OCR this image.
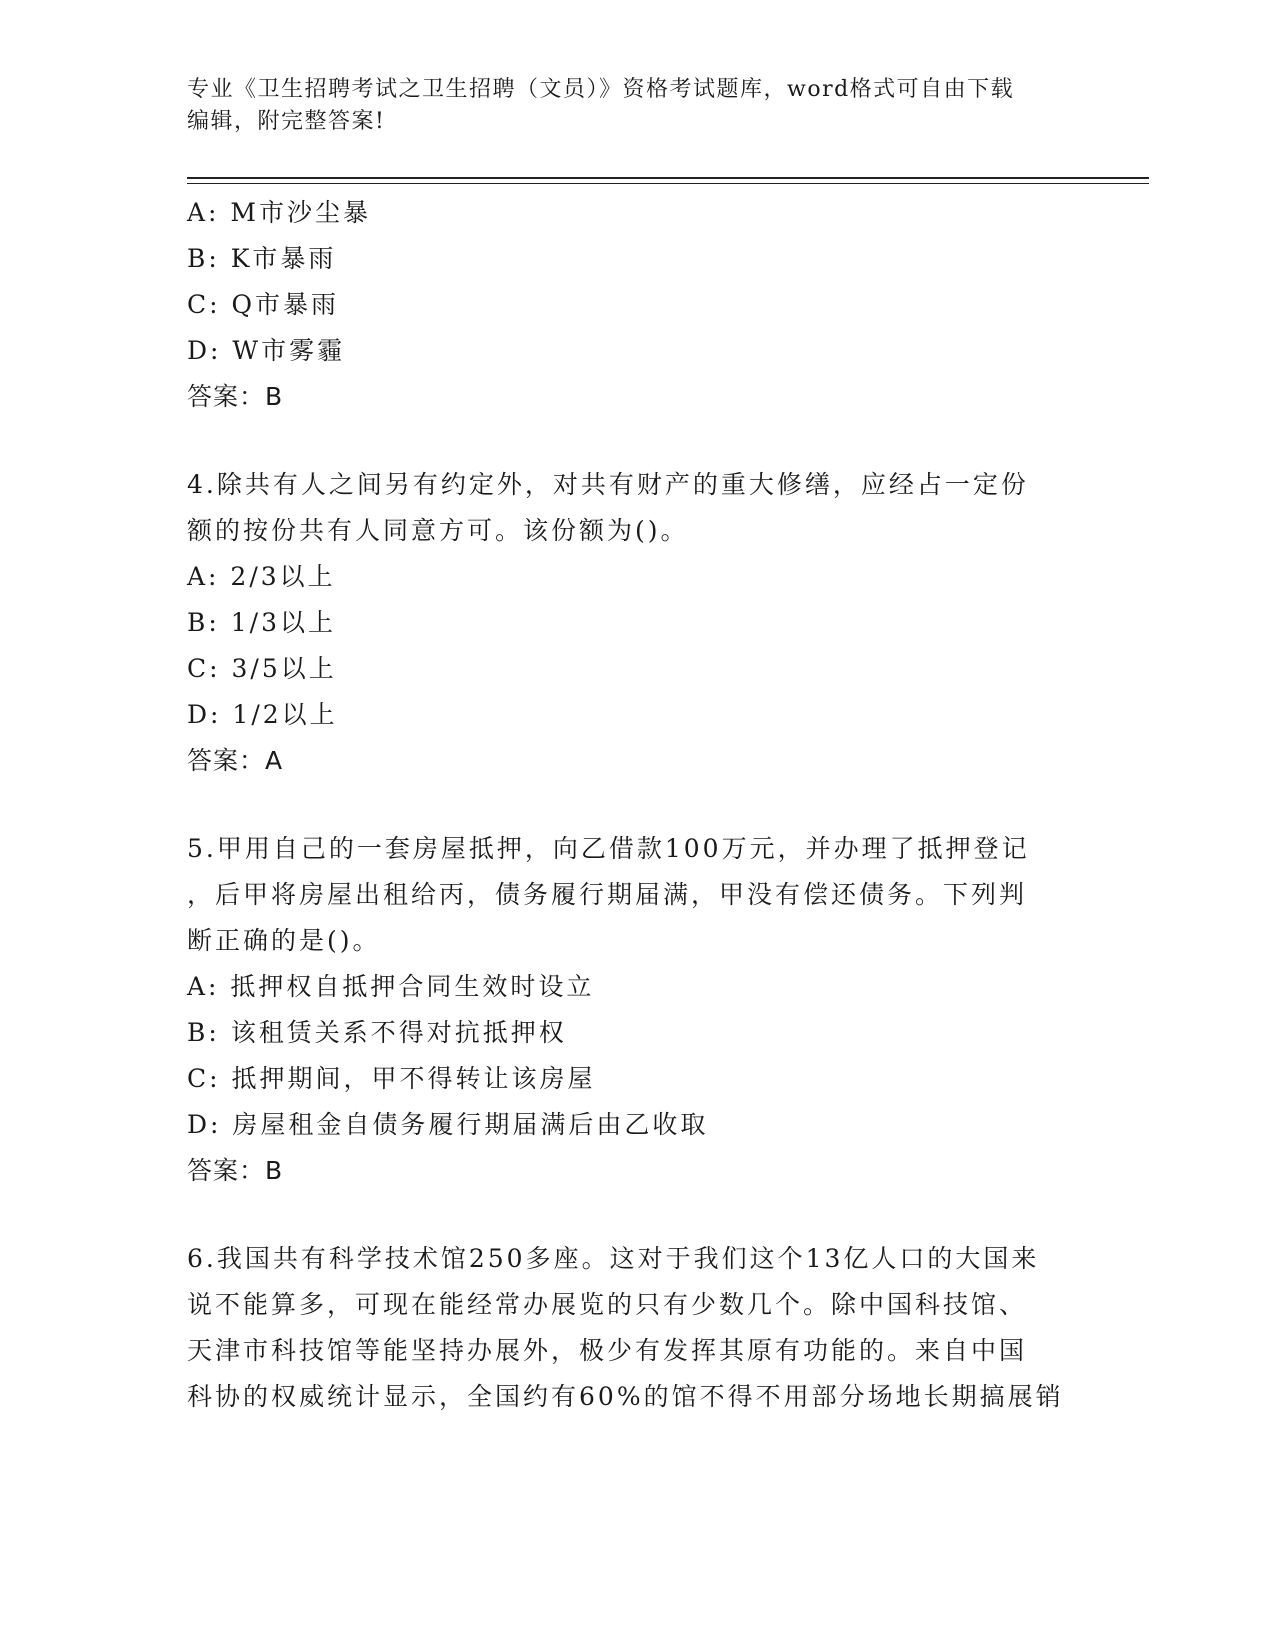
专业《卫生招聘考试之卫生招聘（文员）》资格考试题库，word格式可自由下载
编辑，附完整答案!
A: M市沙尘暴
B: K市暴雨
C: Q市暴雨
D: W市雾霾
答案：B
4.除共有人之间另有约定外，对共有财产的重大修缮，应经占一定份
额的按份共有人同意方可。该份额为()。
A: 2/3以上
B: 1/3以上
C: 3/5以上
D: 1/2以上
答案：A
5.甲用自己的一套房屋抵押，向乙借款100万元，并办理了抵押登记
，后甲将房屋出租给丙，债务履行期届满，甲没有偿还债务。下列判
断正确的是()。
A: 抵押权自抵押合同生效时设立
B: 该租赁关系不得对抗抵押权
C: 抵押期间，甲不得转让该房屋
D: 房屋租金自债务履行期届满后由乙收取
答案：B
6.我国共有科学技术馆250多座。这对于我们这个13亿人口的大国来
说不能算多，可现在能经常办展览的只有少数几个。除中国科技馆、
天津市科技馆等能坚持办展外，极少有发挥其原有功能的。来自中国
科协的权威统计显示，全国约有60%的馆不得不用部分场地长期搞展销
